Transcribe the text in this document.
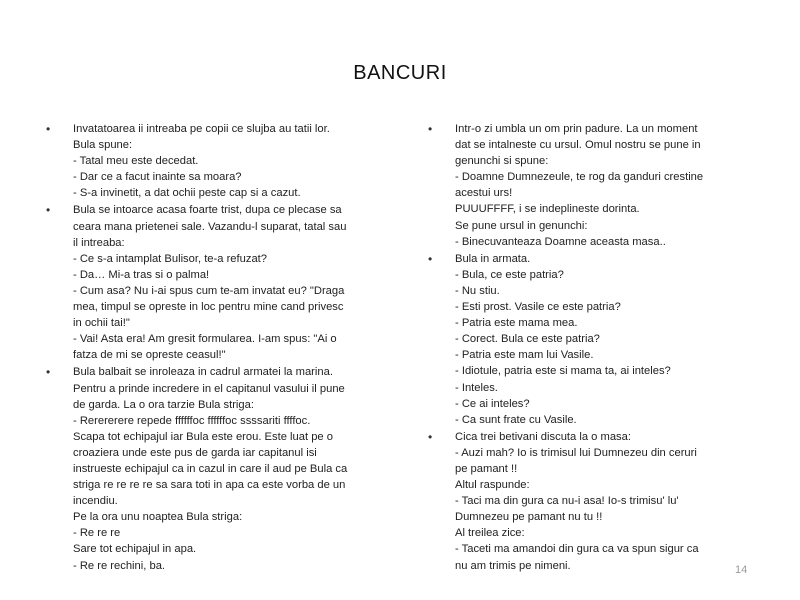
BANCURI
• Invatatoarea ii intreaba pe copii ce slujba au tatii lor.
Bula spune:
- Tatal meu este decedat.
- Dar ce a facut inainte sa moara?
- S-a invinetit, a dat ochii peste cap si a cazut.
• Bula se intoarce acasa foarte trist, dupa ce plecase sa
ceara mana prietenei sale. Vazandu-l suparat, tatal sau
il intreaba:
- Ce s-a intamplat Bulisor, te-a refuzat?
- Da… Mi-a tras si o palma!
- Cum asa? Nu i-ai spus cum te-am invatat eu? "Draga
mea, timpul se opreste in loc pentru mine cand privesc
in ochii tai!"
- Vai! Asta era! Am gresit formularea. I-am spus: "Ai o
fatza de mi se opreste ceasul!"
• Bula balbait se inroleaza in cadrul armatei la marina.
Pentru a prinde incredere in el capitanul vasului il pune
de garda. La o ora tarzie Bula striga:
- Rerererere repede ffffffoc ffffffoc ssssariti ffffoc.
Scapa tot echipajul iar Bula este erou. Este luat pe o
croaziera unde este pus de garda iar capitanul isi
instrueste echipajul ca in cazul in care il aud pe Bula ca
striga re re re re sa sara toti in apa ca este vorba de un
incendiu.
Pe la ora unu noaptea Bula striga:
- Re re re
Sare tot echipajul in apa.
- Re re rechini, ba.
• Intr-o zi umbla un om prin padure. La un moment
dat se intalneste cu ursul. Omul nostru se pune in
genunchi si spune:
- Doamne Dumnezeule, te rog da ganduri crestine
acestui urs!
PUUUFFFF, i se indeplineste dorinta.
Se pune ursul in genunchi:
- Binecuvanteaza Doamne aceasta masa..
• Bula in armata.
- Bula, ce este patria?
- Nu stiu.
- Esti prost. Vasile ce este patria?
- Patria este mama mea.
- Corect. Bula ce este patria?
- Patria este mam lui Vasile.
- Idiotule, patria este si mama ta, ai inteles?
- Inteles.
- Ce ai inteles?
- Ca sunt frate cu Vasile.
• Cica trei betivani discuta la o masa:
- Auzi mah? Io is trimisul lui Dumnezeu din ceruri
pe pamant !!
Altul raspunde:
- Taci ma din gura ca nu-i asa! Io-s trimisu' lu'
Dumnezeu pe pamant nu tu !!
Al treilea zice:
- Taceti ma amandoi din gura ca va spun sigur ca
nu am trimis pe nimeni.	14
